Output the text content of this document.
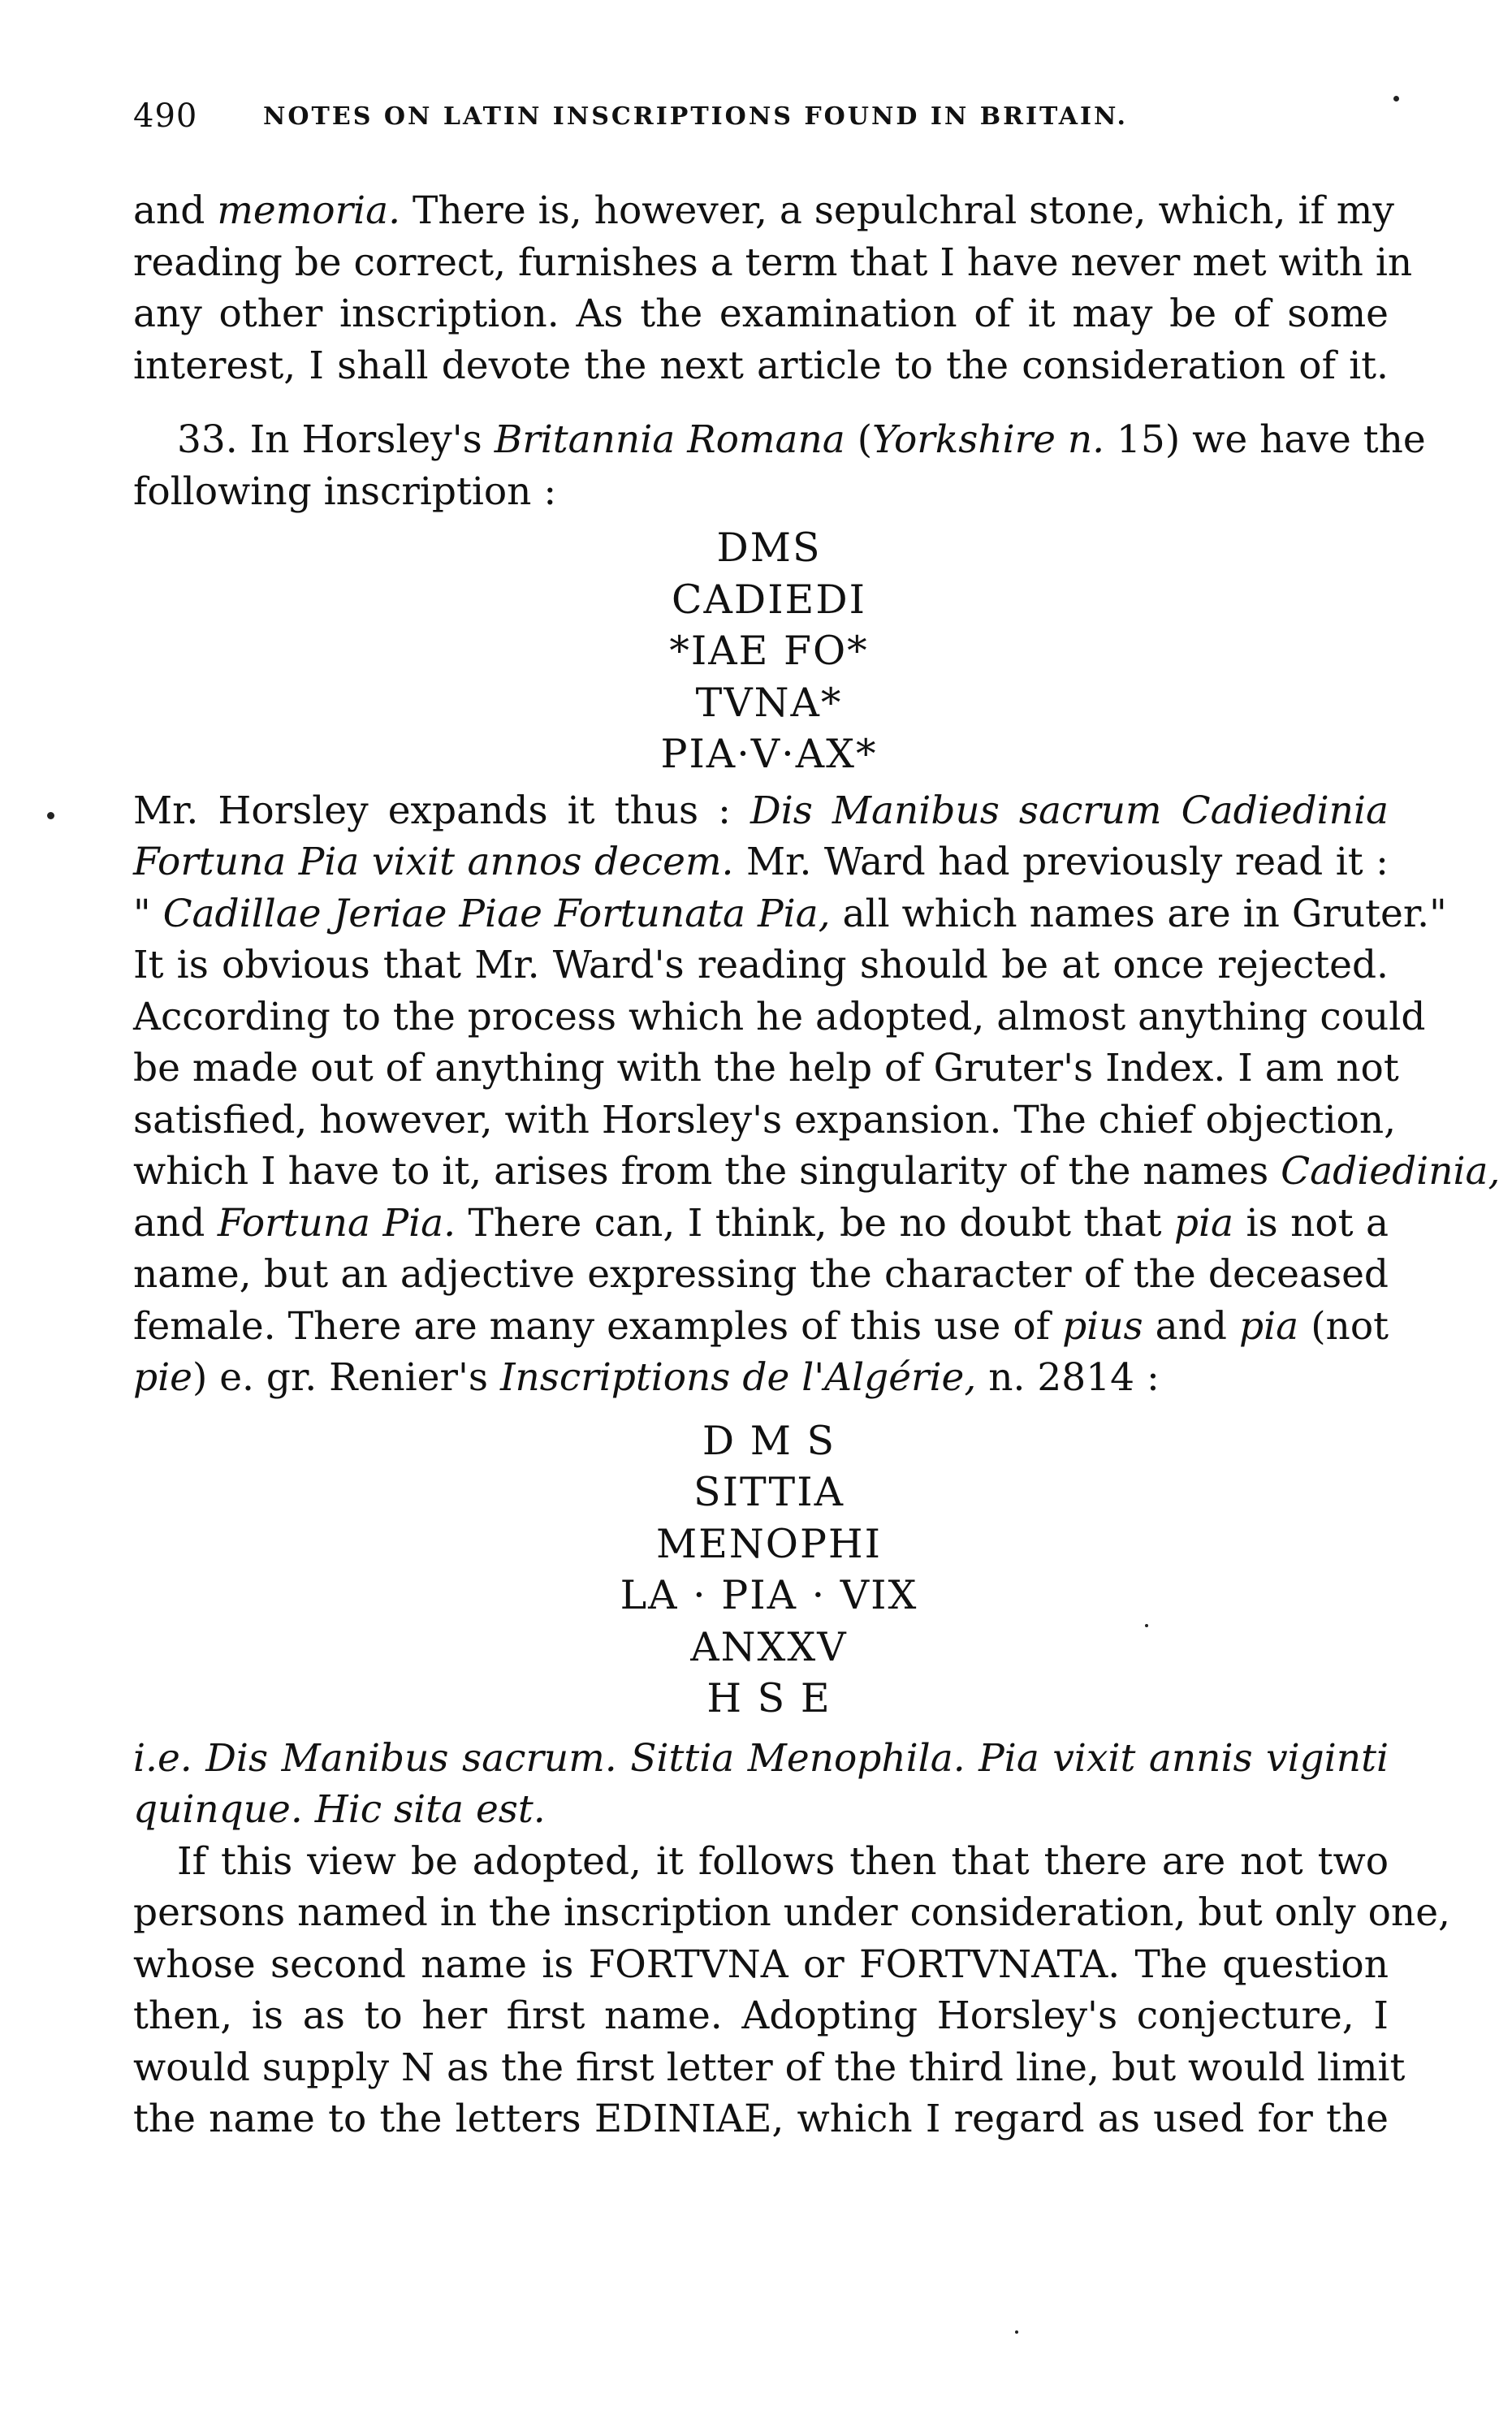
490	NOTES ON LATIN INSCRIPTIONS FOUND IN BRITAIN.
and memoria. There is, however, a sepulchral stone, which, if my
reading be correct, furnishes a term that I have never met with in
any other inscription. As the examination of it may be of some
interest, I shall devote the next article to the consideration of it.
33. In Horsley's Britannia Romana (Yorkshire n. 15) we have the
following inscription :
DMS
CADIEDI
*IAE FO*
TVNA*
PIA·V·AX*
Mr. Horsley expands it thus : Dis Manibus sacrum Cadiedinia
Fortuna Pia vixit annos decem. Mr. Ward had previously read it :
" Cadillae Jeriae Piae Fortunata Pia, all which names are in Gruter."
It is obvious that Mr. Ward's reading should be at once rejected.
According to the process which he adopted, almost anything could
be made out of anything with the help of Gruter's Index. I am not
satisfied, however, with Horsley's expansion. The chief objection,
which I have to it, arises from the singularity of the names Cadiedinia,
and Fortuna Pia. There can, I think, be no doubt that pia is not a
name, but an adjective expressing the character of the deceased
female. There are many examples of this use of pius and pia (not
pie) e. gr. Renier's Inscriptions de l'Algérie, n. 2814 :
D M S
SITTIA
MENOPHI
LA · PIA · VIX
ANXXV
H S E
i.e. Dis Manibus sacrum. Sittia Menophila. Pia vixit annis viginti
quinque. Hic sita est.
If this view be adopted, it follows then that there are not two
persons named in the inscription under consideration, but only one,
whose second name is FORTVNA or FORTVNATA. The question
then, is as to her first name. Adopting Horsley's conjecture, I
would supply N as the first letter of the third line, but would limit
the name to the letters EDINIAE, which I regard as used for the
